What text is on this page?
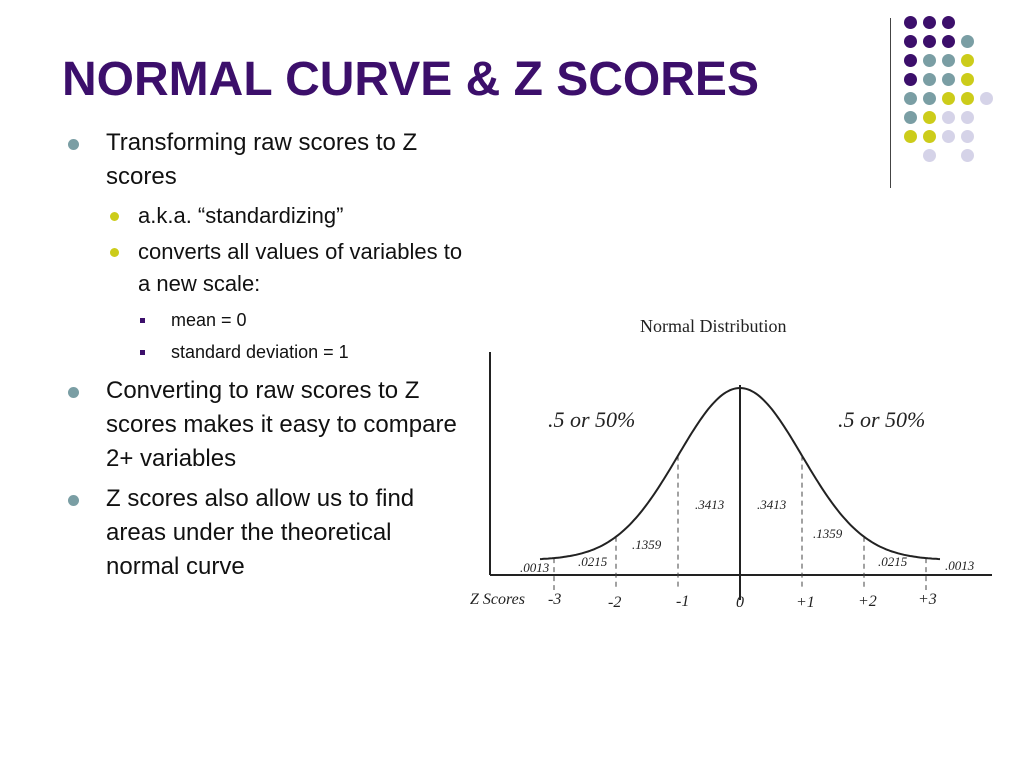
NORMAL CURVE & Z SCORES
Transforming raw scores to Z scores
a.k.a. “standardizing”
converts all values of variables to a new scale:
mean = 0
standard deviation = 1
Converting to raw scores to Z scores makes it easy to compare 2+ variables
Z scores also allow us to find areas under the theoretical normal curve
Normal Distribution
.5 or 50%	.5 or 50%
.0013 .0215
.1359
.3413	.3413
.1359
.0215	.0013
Z Scores -3	-2	-1	0	+1	+2	+3
